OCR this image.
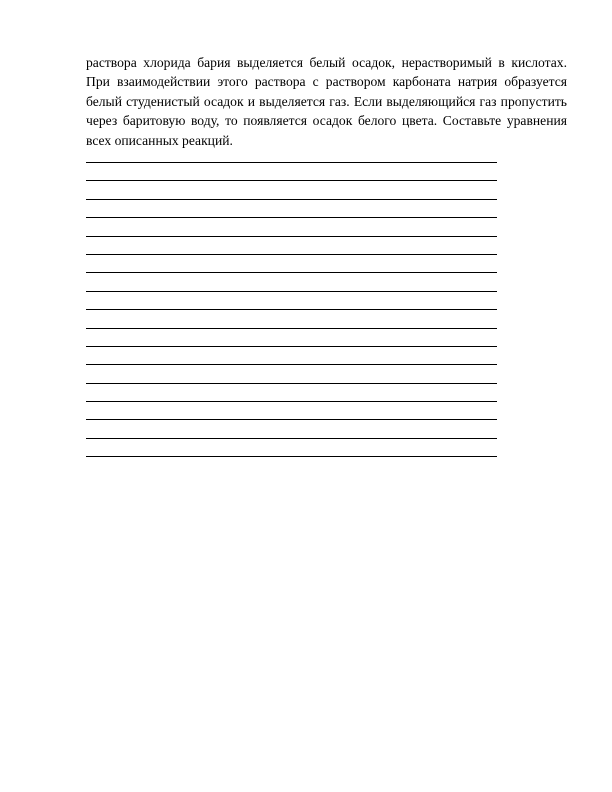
раствора хлорида бария выделяется белый осадок, нерастворимый в кислотах.
При взаимодействии этого раствора с раствором карбоната натрия образуется
белый студенистый осадок и выделяется газ. Если выделяющийся газ пропустить
через баритовую воду, то появляется осадок белого цвета. Составьте уравнения
всех описанных реакций.
